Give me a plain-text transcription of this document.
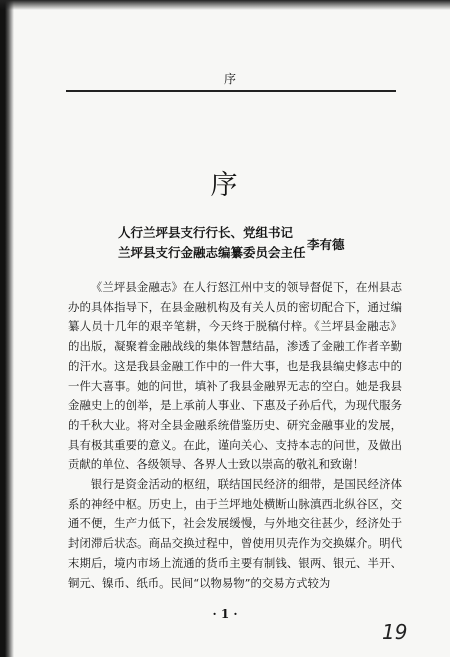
序
序
人行兰坪县支行行长、党组书记
兰坪县支行金融志编纂委员会主任
李有德

《兰坪县金融志》在人行怒江州中支的领导督促下，在州县志办的具体指导下，在县金融机构及有关人员的密切配合下，通过编纂人员十几年的艰辛笔耕，今天终于脱稿付梓。《兰坪县金融志》的出版，凝聚着金融战线的集体智慧结晶，渗透了金融工作者辛勤的汗水。这是我县金融工作中的一件大事，也是我县编史修志中的一件大喜事。她的问世，填补了我县金融界无志的空白。她是我县金融史上的创举，是上承前人事业、下惠及子孙后代，为现代服务的千秋大业。将对全县金融系统借鉴历史、研究金融事业的发展，具有极其重要的意义。在此，谨向关心、支持本志的问世，及做出贡献的单位、各级领导、各界人士致以崇高的敬礼和致谢！

银行是资金活动的枢纽，联结国民经济的细带，是国民经济体系的神经中枢。历史上，由于兰坪地处横断山脉滇西北纵谷区，交通不便，生产力低下，社会发展缓慢，与外地交往甚少，经济处于封闭滞后状态。商品交换过程中，曾使用贝壳作为交换媒介。明代末期后，境内市场上流通的货币主要有制钱、银两、银元、半开、铜元、镍币、纸币。民间“以物易物”的交易方式较为

· 1 ·
19
